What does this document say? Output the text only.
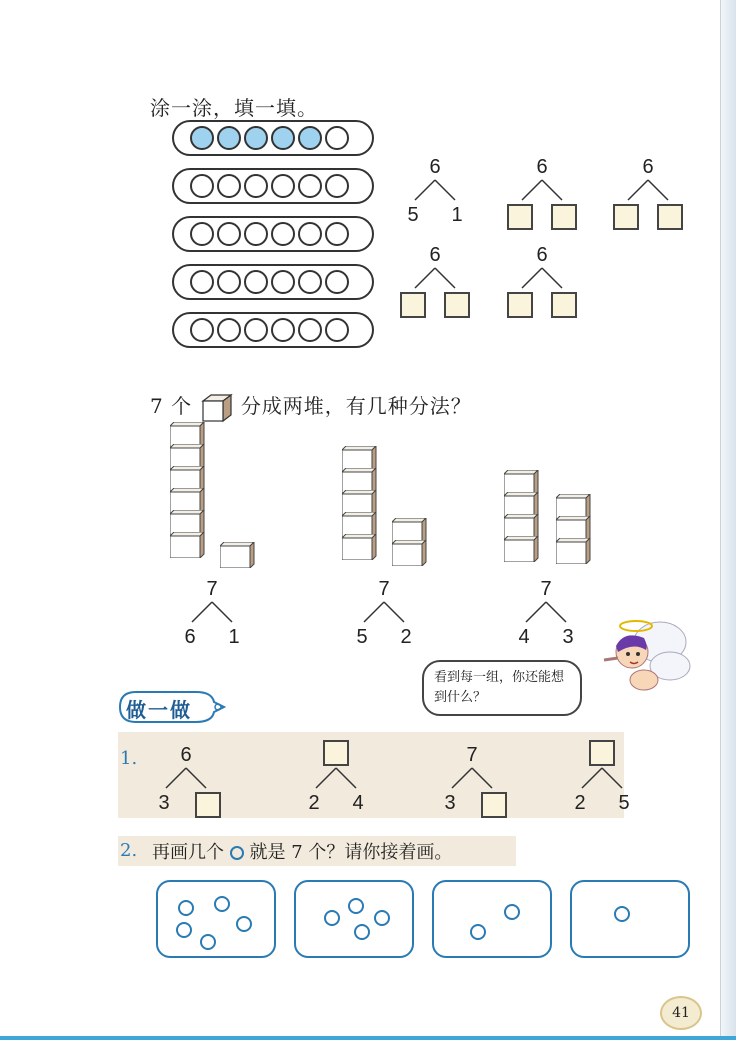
涂一涂，填一填。
6
5	1
6	6
6	6
7 个 分成两堆，有几种分法？
7
6	1
7
5	2
7
4	3
看到每一组，你还能想到什么？
做一做
1.	6
3	2	4
7
3	2	5
2. 再画几个 就是 7 个？请你接着画。
41
